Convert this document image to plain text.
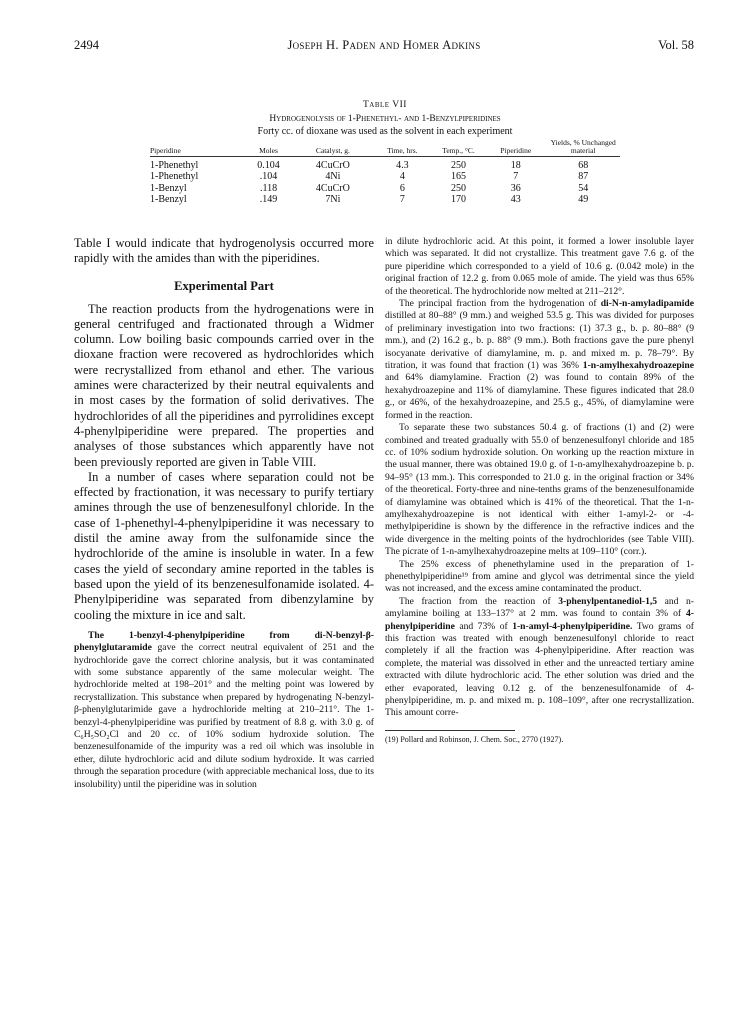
2494	Joseph H. Paden and Homer Adkins	Vol. 58
Table VII
Hydrogenolysis of 1-Phenethyl- and 1-Benzylpiperidines
Forty cc. of dioxane was used as the solvent in each experiment

Piperidine	Moles	Catalyst, g.	Time, hrs.	Temp., °C.	Piperidine	Yields, % Unchanged material
1-Phenethyl	0.104	4CuCrO	4.3	250	18	68
1-Phenethyl	.104	4Ni	4	165	7	87
1-Benzyl	.118	4CuCrO	6	250	36	54
1-Benzyl	.149	7Ni	7	170	43	49

Table I would indicate that hydrogenolysis occurred more rapidly with the amides than with the piperidines.

Experimental Part

The reaction products from the hydrogenations were in general centrifuged and fractionated through a Widmer column. Low boiling basic compounds carried over in the dioxane fraction were recovered as hydrochlorides which were recrystallized from ethanol and ether. The various amines were characterized by their neutral equivalents and in most cases by the formation of solid derivatives. The hydrochlorides of all the piperidines and pyrrolidines except 4-phenylpiperidine were prepared. The properties and analyses of those substances which apparently have not been previously reported are given in Table VIII.

In a number of cases where separation could not be effected by fractionation, it was necessary to purify tertiary amines through the use of benzenesulfonyl chloride. In the case of 1-phenethyl-4-phenylpiperidine it was necessary to distil the amine away from the sulfonamide since the hydrochloride of the amine is insoluble in water. In a few cases the yield of secondary amine reported in the tables is based upon the yield of its benzenesulfonamide isolated. 4-Phenylpiperidine was separated from dibenzylamine by cooling the mixture in ice and salt.

The 1-benzyl-4-phenylpiperidine from di-N-benzyl-β-phenylglutaramide gave the correct neutral equivalent of 251 and the hydrochloride gave the correct chlorine analysis, but it was contaminated with some substance apparently of the same molecular weight. The hydrochloride melted at 198–201° and the melting point was lowered by recrystallization. This substance when prepared by hydrogenating N-benzyl-β-phenylglutarimide gave a hydrochloride melting at 210–211°. The 1-benzyl-4-phenylpiperidine was purified by treatment of 8.8 g. with 3.0 g. of C₆H₅SO₂Cl and 20 cc. of 10% sodium hydroxide solution. The benzenesulfonamide of the impurity was a red oil which was insoluble in ether, dilute hydrochloric acid and dilute sodium hydroxide. It was carried through the separation procedure (with appreciable mechanical loss, due to its insolubility) until the piperidine was in solution

in dilute hydrochloric acid. At this point, it formed a lower insoluble layer which was separated. It did not crystallize. This treatment gave 7.6 g. of the pure piperidine which corresponded to a yield of 10.6 g. (0.042 mole) in the original fraction of 12.2 g. from 0.065 mole of amide. The yield was thus 65% of the theoretical. The hydrochloride now melted at 211–212°.

The principal fraction from the hydrogenation of di-N-n-amyladipamide distilled at 80–88° (9 mm.) and weighed 53.5 g. This was divided for purposes of preliminary investigation into two fractions: (1) 37.3 g., b. p. 80–88° (9 mm.), and (2) 16.2 g., b. p. 88° (9 mm.). Both fractions gave the pure phenyl isocyanate derivative of diamylamine, m. p. and mixed m. p. 78–79°. By titration, it was found that fraction (1) was 36% 1-n-amylhexahydroazepine and 64% diamylamine. Fraction (2) was found to contain 89% of the hexahydroazepine and 11% of diamylamine. These figures indicated that 28.0 g., or 46%, of the hexahydroazepine, and 25.5 g., 45%, of diamylamine were formed in the reaction.

To separate these two substances 50.4 g. of fractions (1) and (2) were combined and treated gradually with 55.0 of benzenesulfonyl chloride and 185 cc. of 10% sodium hydroxide solution. On working up the reaction mixture in the usual manner, there was obtained 19.0 g. of 1-n-amylhexahydroazepine b. p. 94–95° (13 mm.). This corresponded to 21.0 g. in the original fraction or 34% of the theoretical. Forty-three and nine-tenths grams of the benzenesulfonamide of diamylamine was obtained which is 41% of the theoretical. That the 1-n-amylhexahydroazepine is not identical with either 1-amyl-2- or -4-methylpiperidine is shown by the difference in the refractive indices and the wide divergence in the melting points of the hydrochlorides (see Table VIII). The picrate of 1-n-amylhexahydroazepine melts at 109–110° (corr.).

The 25% excess of phenethylamine used in the preparation of 1-phenethylpiperidine¹⁹ from amine and glycol was detrimental since the yield was not increased, and the excess amine contaminated the product.

The fraction from the reaction of 3-phenylpentanediol-1,5 and n-amylamine boiling at 133–137° at 2 mm. was found to contain 3% of 4-phenylpiperidine and 73% of 1-n-amyl-4-phenylpiperidine. Two grams of this fraction was treated with enough benzenesulfonyl chloride to react completely if all the fraction was 4-phenylpiperidine. After reaction was complete, the material was dissolved in ether and the unreacted tertiary amine extracted with dilute hydrochloric acid. The ether solution was dried and the ether evaporated, leaving 0.12 g. of the benzenesulfonamide of 4-phenylpiperidine, m. p. and mixed m. p. 108–109°, after one recrystallization. This amount corre-

(19) Pollard and Robinson, J. Chem. Soc., 2770 (1927).
